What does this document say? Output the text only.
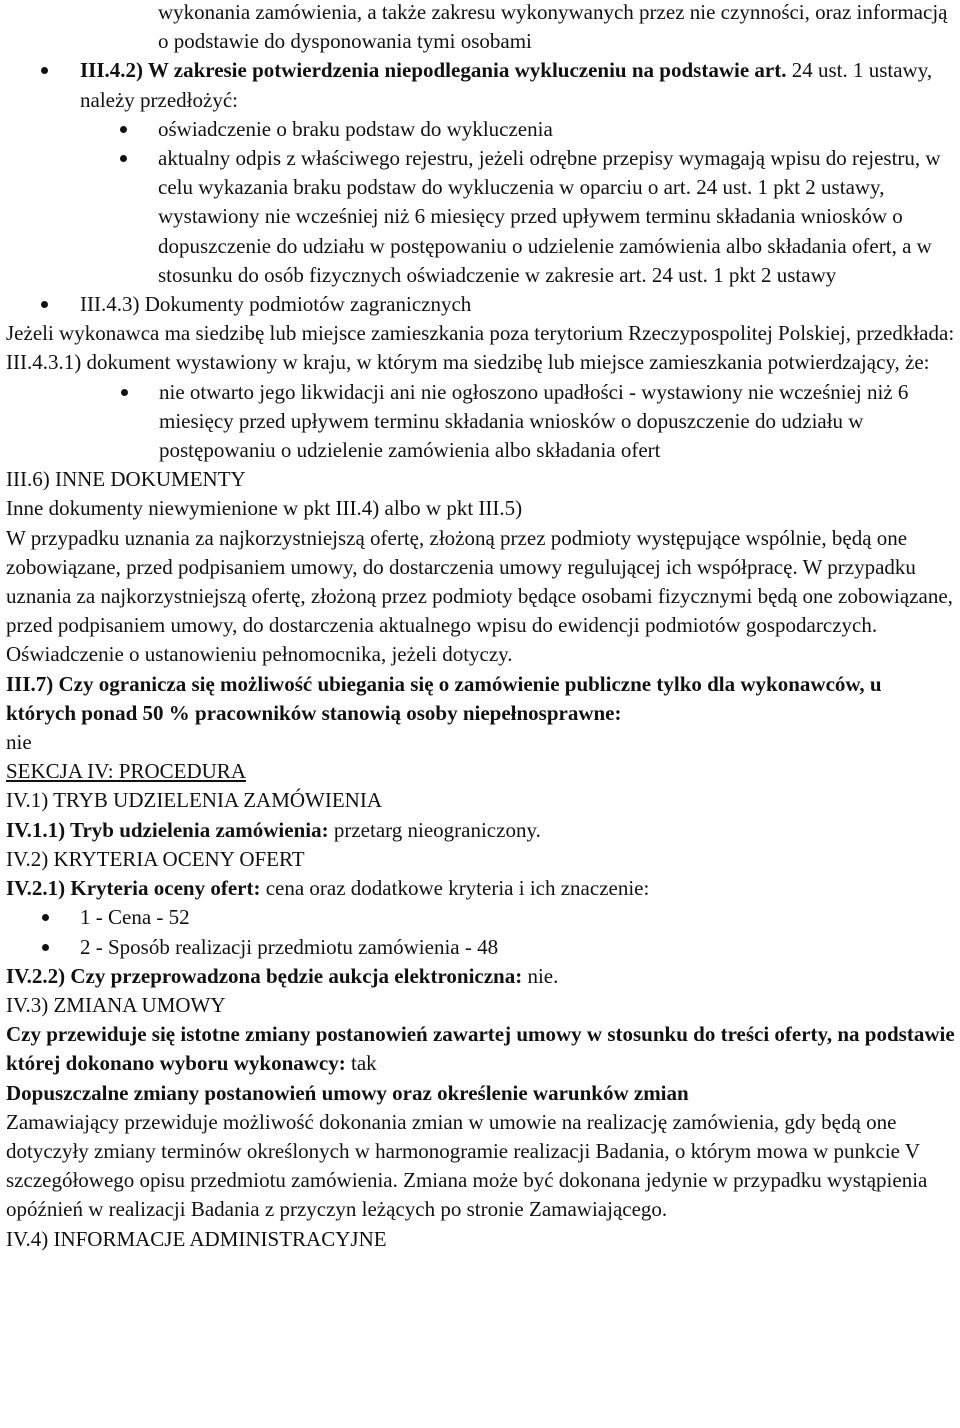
wykonania zamówienia, a także zakresu wykonywanych przez nie czynności, oraz informacją o podstawie do dysponowania tymi osobami

III.4.2) W zakresie potwierdzenia niepodlegania wykluczeniu na podstawie art. 24 ust. 1 ustawy, należy przedłożyć:
oświadczenie o braku podstaw do wykluczenia
aktualny odpis z właściwego rejestru, jeżeli odrębne przepisy wymagają wpisu do rejestru, w celu wykazania braku podstaw do wykluczenia w oparciu o art. 24 ust. 1 pkt 2 ustawy, wystawiony nie wcześniej niż 6 miesięcy przed upływem terminu składania wniosków o dopuszczenie do udziału w postępowaniu o udzielenie zamówienia albo składania ofert, a w stosunku do osób fizycznych oświadczenie w zakresie art. 24 ust. 1 pkt 2 ustawy
III.4.3) Dokumenty podmiotów zagranicznych

Jeżeli wykonawca ma siedzibę lub miejsce zamieszkania poza terytorium Rzeczypospolitej Polskiej, przedkłada:

III.4.3.1) dokument wystawiony w kraju, w którym ma siedzibę lub miejsce zamieszkania potwierdzający, że:

nie otwarto jego likwidacji ani nie ogłoszono upadłości - wystawiony nie wcześniej niż 6 miesięcy przed upływem terminu składania wniosków o dopuszczenie do udziału w postępowaniu o udzielenie zamówienia albo składania ofert

III.6) INNE DOKUMENTY

Inne dokumenty niewymienione w pkt III.4) albo w pkt III.5)

W przypadku uznania za najkorzystniejszą ofertę, złożoną przez podmioty występujące wspólnie, będą one zobowiązane, przed podpisaniem umowy, do dostarczenia umowy regulującej ich współpracę. W przypadku uznania za najkorzystniejszą ofertę, złożoną przez podmioty będące osobami fizycznymi będą one zobowiązane, przed podpisaniem umowy, do dostarczenia aktualnego wpisu do ewidencji podmiotów gospodarczych. Oświadczenie o ustanowieniu pełnomocnika, jeżeli dotyczy.

III.7) Czy ogranicza się możliwość ubiegania się o zamówienie publiczne tylko dla wykonawców, u których ponad 50 % pracowników stanowią osoby niepełnosprawne:

nie

SEKCJA IV: PROCEDURA

IV.1) TRYB UDZIELENIA ZAMÓWIENIA

IV.1.1) Tryb udzielenia zamówienia: przetarg nieograniczony.

IV.2) KRYTERIA OCENY OFERT

IV.2.1) Kryteria oceny ofert: cena oraz dodatkowe kryteria i ich znaczenie:

1 - Cena - 52
2 - Sposób realizacji przedmiotu zamówienia - 48

IV.2.2) Czy przeprowadzona będzie aukcja elektroniczna: nie.

IV.3) ZMIANA UMOWY

Czy przewiduje się istotne zmiany postanowień zawartej umowy w stosunku do treści oferty, na podstawie której dokonano wyboru wykonawcy: tak

Dopuszczalne zmiany postanowień umowy oraz określenie warunków zmian

Zamawiający przewiduje możliwość dokonania zmian w umowie na realizację zamówienia, gdy będą one dotyczyły zmiany terminów określonych w harmonogramie realizacji Badania, o którym mowa w punkcie V szczegółowego opisu przedmiotu zamówienia. Zmiana może być dokonana jedynie w przypadku wystąpienia opóźnień w realizacji Badania z przyczyn leżących po stronie Zamawiającego.

IV.4) INFORMACJE ADMINISTRACYJNE
